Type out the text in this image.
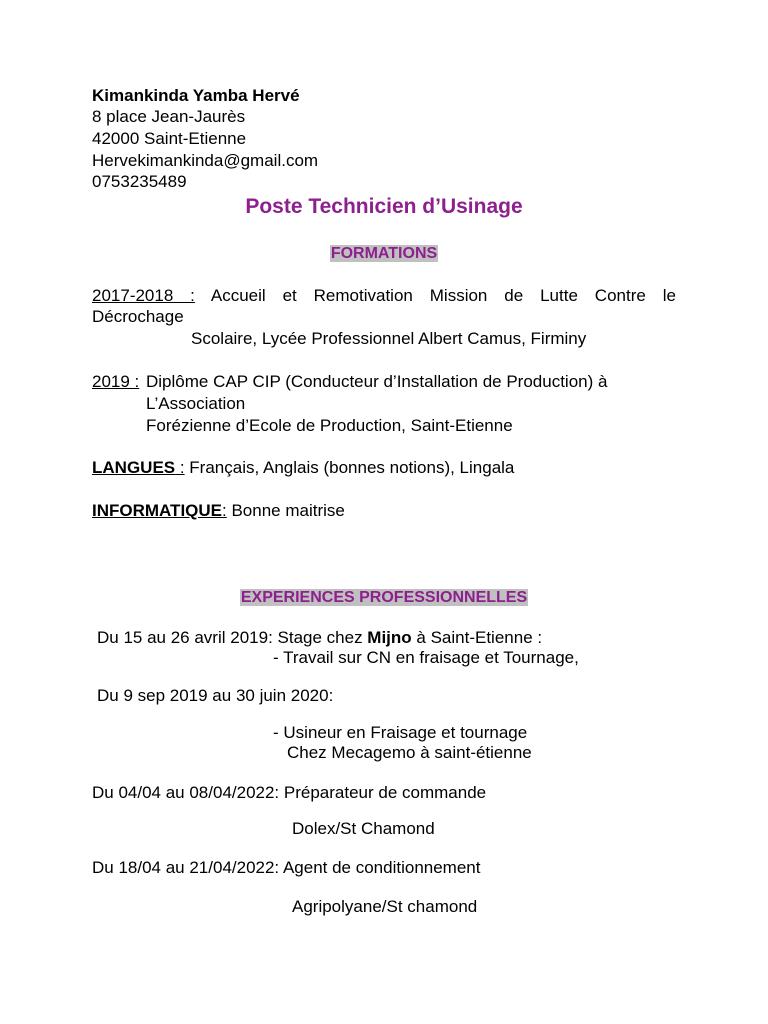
Kimankinda Yamba Hervé
8 place Jean-Jaurès
42000 Saint-Etienne
Hervekimankinda@gmail.com
0753235489
Poste Technicien d’Usinage
FORMATIONS
2017-2018 : Accueil et Remotivation Mission de Lutte Contre le
Décrochage
Scolaire, Lycée Professionnel Albert Camus, Firminy
2019 : Diplôme CAP CIP (Conducteur d’Installation de Production) à
L’Association
Forézienne d’Ecole de Production, Saint-Etienne
LANGUES : Français, Anglais (bonnes notions), Lingala
INFORMATIQUE: Bonne maitrise
EXPERIENCES PROFESSIONNELLES
Du 15 au 26 avril 2019: Stage chez Mijno à Saint-Etienne :
- Travail sur CN en fraisage et Tournage,
Du 9 sep 2019 au 30 juin 2020:
- Usineur en Fraisage et tournage
Chez Mecagemo à saint-étienne
Du 04/04 au 08/04/2022: Préparateur de commande
Dolex/St Chamond
Du 18/04 au 21/04/2022: Agent de conditionnement
Agripolyane/St chamond
